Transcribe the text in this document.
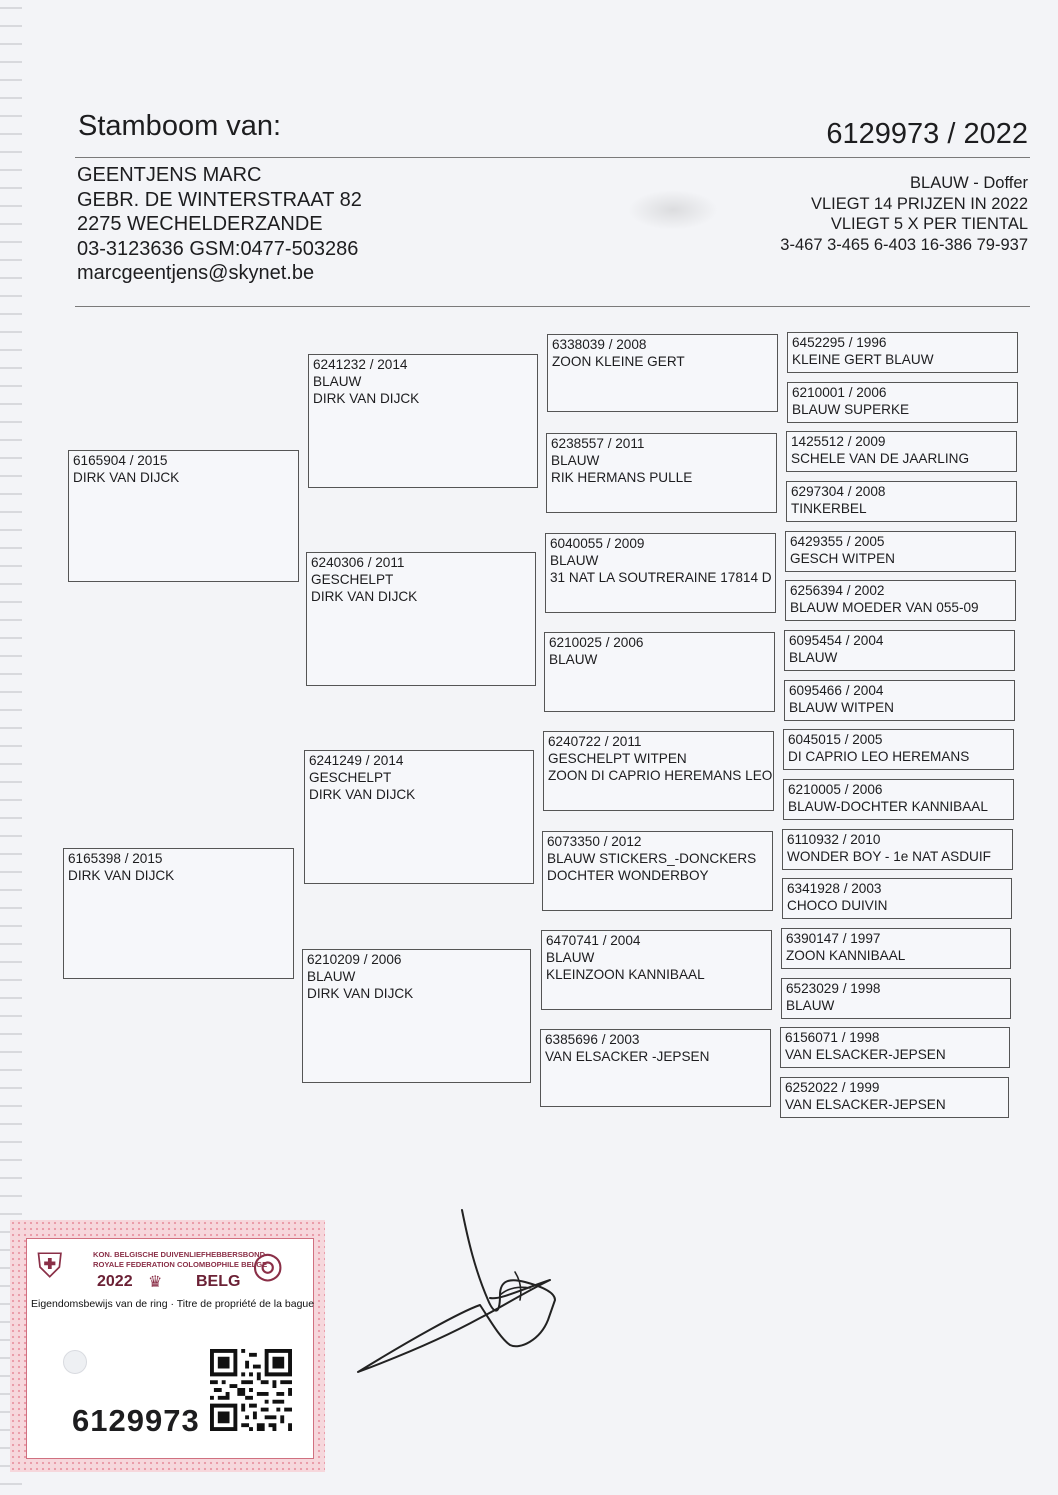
Stamboom van:	6129973 / 2022
GEENTJENS MARC
GEBR. DE WINTERSTRAAT 82
2275 WECHELDERZANDE
03-3123636 GSM:0477-503286
marcgeentjens@skynet.be
BLAUW - Doffer
VLIEGT 14 PRIJZEN IN 2022
VLIEGT 5 X PER TIENTAL
3-467 3-465 6-403 16-386 79-937
6165904 / 2015
DIRK VAN DIJCK
6165398 / 2015
DIRK VAN DIJCK
6241232 / 2014
BLAUW
DIRK VAN DIJCK
6240306 / 2011
GESCHELPT
DIRK VAN DIJCK
6241249 / 2014
GESCHELPT
DIRK VAN DIJCK
6210209 / 2006
BLAUW
DIRK VAN DIJCK
6338039 / 2008
ZOON KLEINE GERT
6238557 / 2011
BLAUW
RIK HERMANS PULLE
6040055 / 2009
BLAUW
31 NAT LA SOUTRERAINE 17814 D
6210025 / 2006
BLAUW
6240722 / 2011
GESCHELPT WITPEN
ZOON DI CAPRIO HEREMANS LEO
6073350 / 2012
BLAUW STICKERS_-DONCKERS
DOCHTER WONDERBOY
6470741 / 2004
BLAUW
KLEINZOON KANNIBAAL
6385696 / 2003
VAN ELSACKER -JEPSEN
6452295 / 1996
KLEINE GERT BLAUW
6210001 / 2006
BLAUW SUPERKE
1425512 / 2009
SCHELE VAN DE JAARLING
6297304 / 2008
TINKERBEL
6429355 / 2005
GESCH WITPEN
6256394 / 2002
BLAUW MOEDER VAN 055-09
6095454 / 2004
BLAUW
6095466 / 2004
BLAUW WITPEN
6045015 / 2005
DI CAPRIO LEO HEREMANS
6210005 / 2006
BLAUW-DOCHTER KANNIBAAL
6110932 / 2010
WONDER BOY - 1e NAT ASDUIF
6341928 / 2003
CHOCO DUIVIN
6390147 / 1997
ZOON KANNIBAAL
6523029 / 1998
BLAUW
6156071 / 1998
VAN ELSACKER-JEPSEN
6252022 / 1999
VAN ELSACKER-JEPSEN
⛨	KON. BELGISCHE DUIVENLIEFHEBBERSBOND
ROYALE FEDERATION COLOMBOPHILE BELGE
2022 ♛ BELG ◎
Eigendomsbewijs van de ring · Titre de propriété de la bague
6129973
